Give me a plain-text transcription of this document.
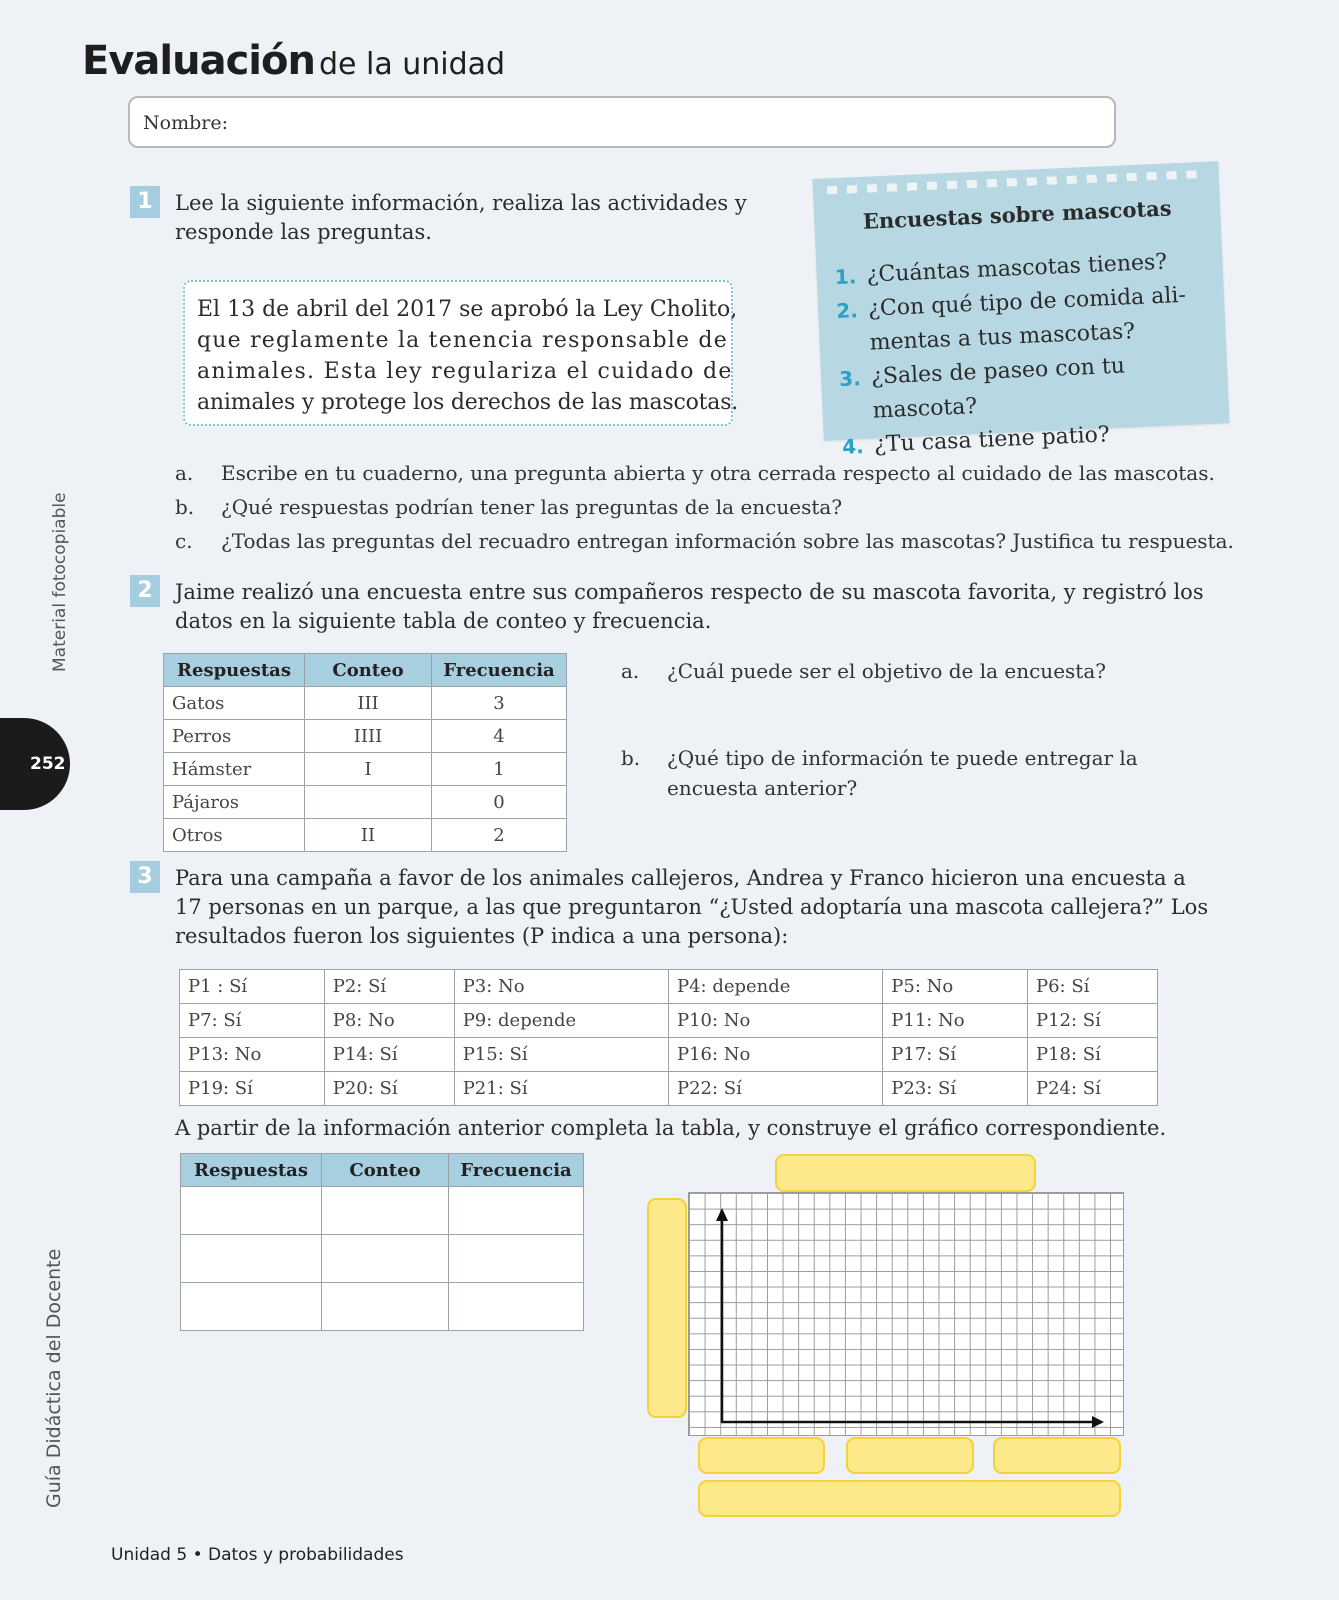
Evaluación de la unidad
Nombre:
1	Lee la siguiente información, realiza las actividades y
responde las preguntas.
El 13 de abril del 2017 se aprobó la Ley Cholito,
que reglamente la tenencia responsable de
animales. Esta ley regulariza el cuidado de
animales y protege los derechos de las mascotas.
Encuestas sobre mascotas
1. ¿Cuántas mascotas tienes?
2. ¿Con qué tipo de comida ali-
mentas a tus mascotas?
3. ¿Sales de paseo con tu mascota?
4. ¿Tu casa tiene patio?
a. Escribe en tu cuaderno, una pregunta abierta y otra cerrada respecto al cuidado de las mascotas.
b. ¿Qué respuestas podrían tener las preguntas de la encuesta?
c. ¿Todas las preguntas del recuadro entregan información sobre las mascotas? Justifica tu respuesta.
2	Jaime realizó una encuesta entre sus compañeros respecto de su mascota favorita, y registró los
datos en la siguiente tabla de conteo y frecuencia.
Respuestas	Conteo	Frecuencia
Gatos	III	3
Perros	IIII	4
Hámster	I	1
Pájaros		0
Otros	II	2
a. ¿Cuál puede ser el objetivo de la encuesta?
b. ¿Qué tipo de información te puede entregar la
encuesta anterior?
3	Para una campaña a favor de los animales callejeros, Andrea y Franco hicieron una encuesta a
17 personas en un parque, a las que preguntaron “¿Usted adoptaría una mascota callejera?” Los
resultados fueron los siguientes (P indica a una persona):
P1 : Sí	P2: Sí	P3: No	P4: depende	P5: No	P6: Sí
P7: Sí	P8: No	P9: depende	P10: No	P11: No	P12: Sí
P13: No	P14: Sí	P15: Sí	P16: No	P17: Sí	P18: Sí
P19: Sí	P20: Sí	P21: Sí	P22: Sí	P23: Sí	P24: Sí
A partir de la información anterior completa la tabla, y construye el gráfico correspondiente.
Respuestas	Conteo	Frecuencia

Material fotocopiable
252
Guía Didáctica del Docente
Unidad 5 • Datos y probabilidades
